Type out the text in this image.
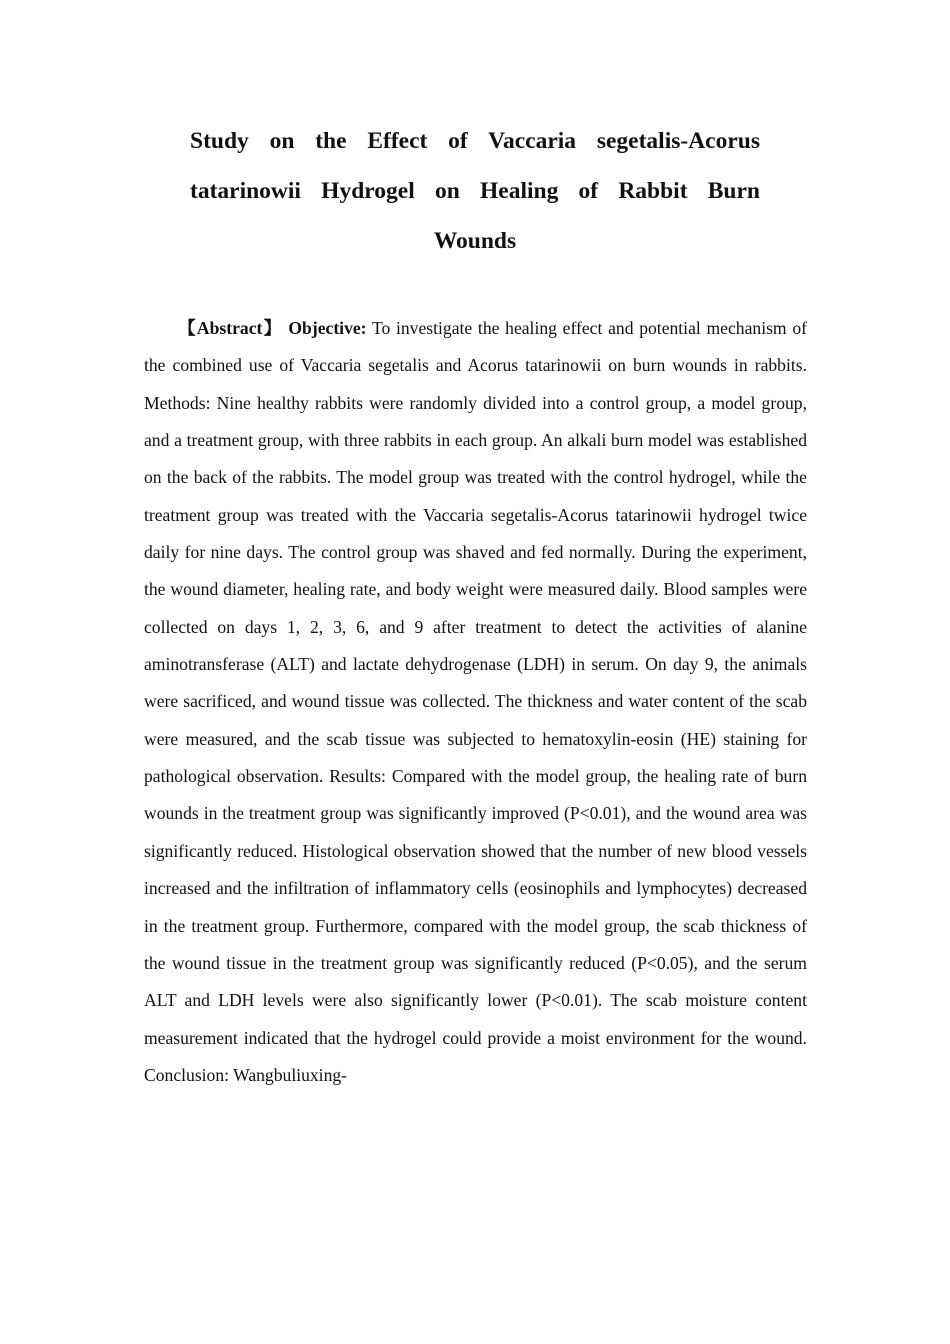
Study on the Effect of Vaccaria segetalis-Acorus tatarinowii Hydrogel on Healing of Rabbit Burn Wounds

【Abstract】 Objective: To investigate the healing effect and potential mechanism of the combined use of Vaccaria segetalis and Acorus tatarinowii on burn wounds in rabbits. Methods: Nine healthy rabbits were randomly divided into a control group, a model group, and a treatment group, with three rabbits in each group. An alkali burn model was established on the back of the rabbits. The model group was treated with the control hydrogel, while the treatment group was treated with the Vaccaria segetalis-Acorus tatarinowii hydrogel twice daily for nine days. The control group was shaved and fed normally. During the experiment, the wound diameter, healing rate, and body weight were measured daily. Blood samples were collected on days 1, 2, 3, 6, and 9 after treatment to detect the activities of alanine aminotransferase (ALT) and lactate dehydrogenase (LDH) in serum. On day 9, the animals were sacrificed, and wound tissue was collected. The thickness and water content of the scab were measured, and the scab tissue was subjected to hematoxylin-eosin (HE) staining for pathological observation. Results: Compared with the model group, the healing rate of burn wounds in the treatment group was significantly improved (P<0.01), and the wound area was significantly reduced. Histological observation showed that the number of new blood vessels increased and the infiltration of inflammatory cells (eosinophils and lymphocytes) decreased in the treatment group. Furthermore, compared with the model group, the scab thickness of the wound tissue in the treatment group was significantly reduced (P<0.05), and the serum ALT and LDH levels were also significantly lower (P<0.01). The scab moisture content measurement indicated that the hydrogel could provide a moist environment for the wound. Conclusion: Wangbuliuxing-
